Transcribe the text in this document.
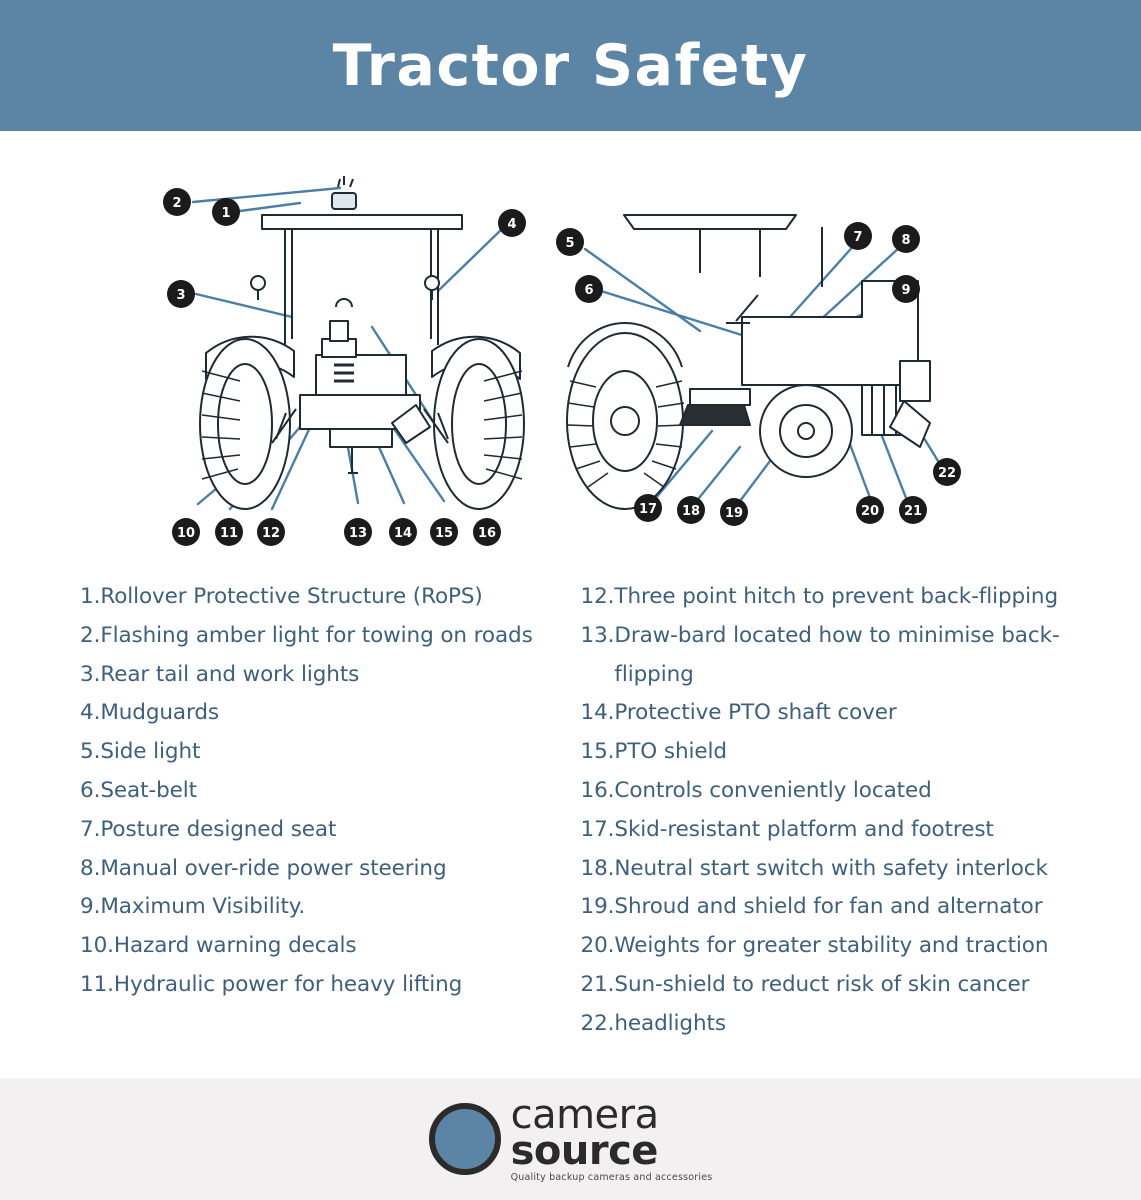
Tractor Safety
2
1
3
4
10 11 12	13 14 15 16
5
6
7	8
9
17 18 19	20 21
22
1. Rollover Protective Structure (RoPS)
2. Flashing amber light for towing on roads
3. Rear tail and work lights
4. Mudguards
5. Side light
6. Seat-belt
7. Posture designed seat
8. Manual over-ride power steering
9. Maximum Visibility.
10. Hazard warning decals
11. Hydraulic power for heavy lifting
12. Three point hitch to prevent back-flipping
13. Draw-bard located how to minimise back-flipping
14. Protective PTO shaft cover
15. PTO shield
16. Controls conveniently located
17. Skid-resistant platform and footrest
18. Neutral start switch with safety interlock
19. Shroud and shield for fan and alternator
20. Weights for greater stability and traction
21. Sun-shield to reduct risk of skin cancer
22. headlights
camera
source
Quality backup cameras and accessories
